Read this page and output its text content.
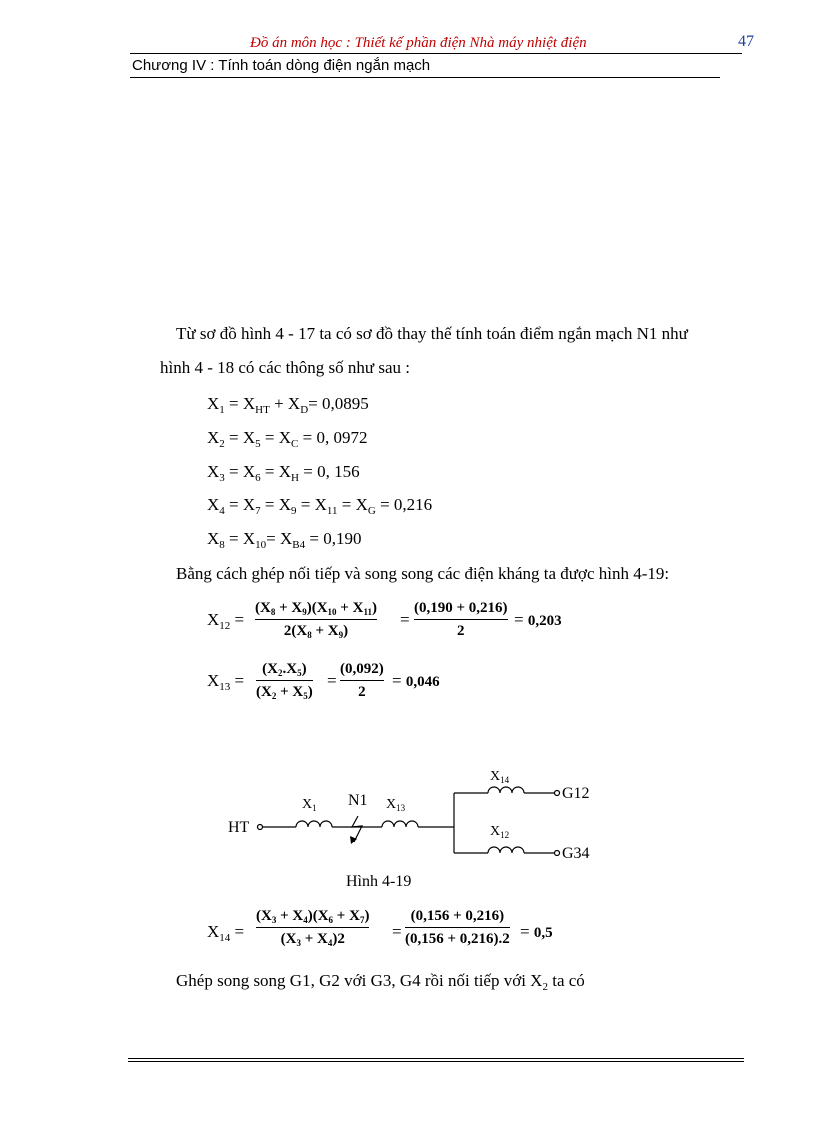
Đồ án môn học : Thiết kế phần điện Nhà máy nhiệt điện	47
Chương IV : Tính toán dòng điện ngắn mạch
Từ sơ đồ hình 4 - 17 ta có sơ đồ thay thế tính toán điểm ngắn mạch N1 như
hình 4 - 18 có các thông số như sau :
$X_1 = X_{HT} + X_D= 0,0895$
$X_2 = X_5 = X_C = 0$, 0972
$X_3 = X_6 = X_H = 0$, 156
$X_4 = X_7 = X_9 = X_{11} = X_G = 0,216$
$X_8 = X_{10}= X_{B4} = 0,190$
Bằng cách ghép nối tiếp và song song các điện kháng ta được hình 4-19:
$X_{12}$ =
$(X_8 + X_9)(X_{10} + X_{11})$
$2(X_8 + X_9)$
=
(0,190 + 0,216)
2
= 0,203
$X_{13}$ =
$(X_2.X_5)$
$(X_2 + X_5)$
=
(0,092)
2
= 0,046
HT
$X_1$ N1 $X_{13}$
$X_{14}$
G12
$X_{12}$
G34
Hình 4-19
$X_{14}$ =
$(X_3 + X_4)(X_6 + X_7)$
$(X_3 + X_4)2$	=
(0,156 + 0,216)
(0,156 + 0,216).2 = 0,5
Ghép song song G1, G2 với G3, G4 rồi nối tiếp với $X_2$ ta có
